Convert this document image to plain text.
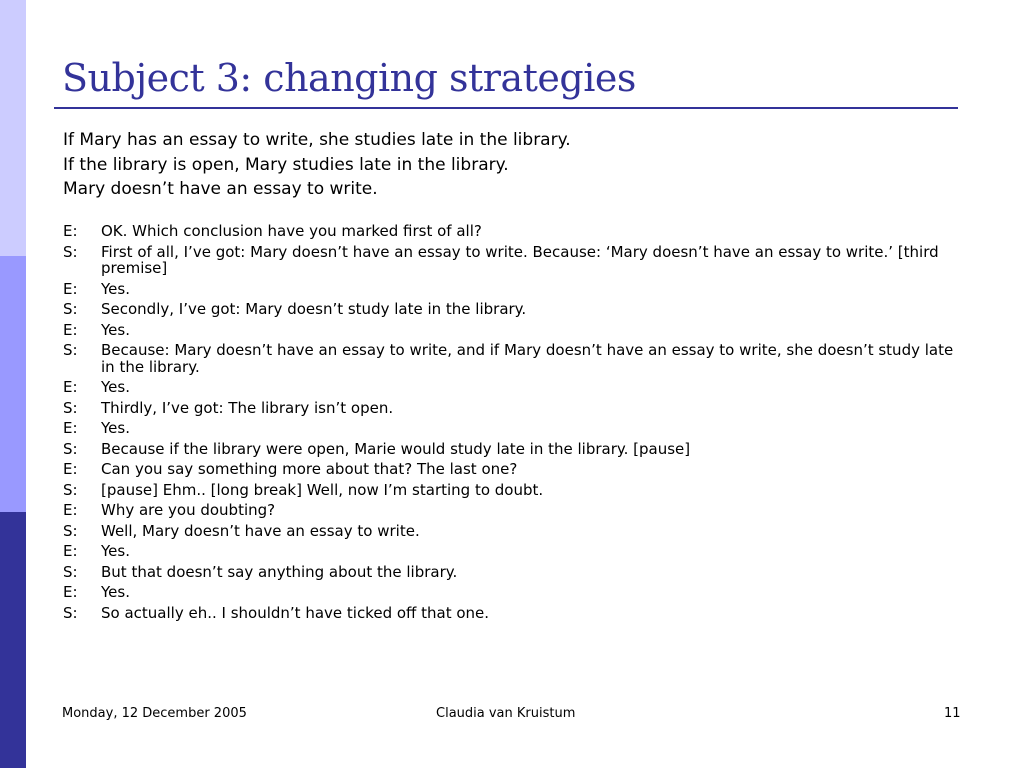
Subject 3: changing strategies
If Mary has an essay to write, she studies late in the library.
If the library is open, Mary studies late in the library.
Mary doesn’t have an essay to write.
E: OK. Which conclusion have you marked first of all?
S: First of all, I’ve got: Mary doesn’t have an essay to write. Because: ‘Mary doesn’t have an essay to write.’ [third premise]
E: Yes.
S: Secondly, I’ve got: Mary doesn’t study late in the library.
E: Yes.
S: Because: Mary doesn’t have an essay to write, and if Mary doesn’t have an essay to write, she doesn’t study late in the library.
E: Yes.
S: Thirdly, I’ve got: The library isn’t open.
E: Yes.
S: Because if the library were open, Marie would study late in the library. [pause]
E: Can you say something more about that? The last one?
S: [pause] Ehm.. [long break] Well, now I’m starting to doubt.
E: Why are you doubting?
S: Well, Mary doesn’t have an essay to write.
E: Yes.
S: But that doesn’t say anything about the library.
E: Yes.
S: So actually eh.. I shouldn’t have ticked off that one.
Monday, 12 December 2005	Claudia van Kruistum	11
